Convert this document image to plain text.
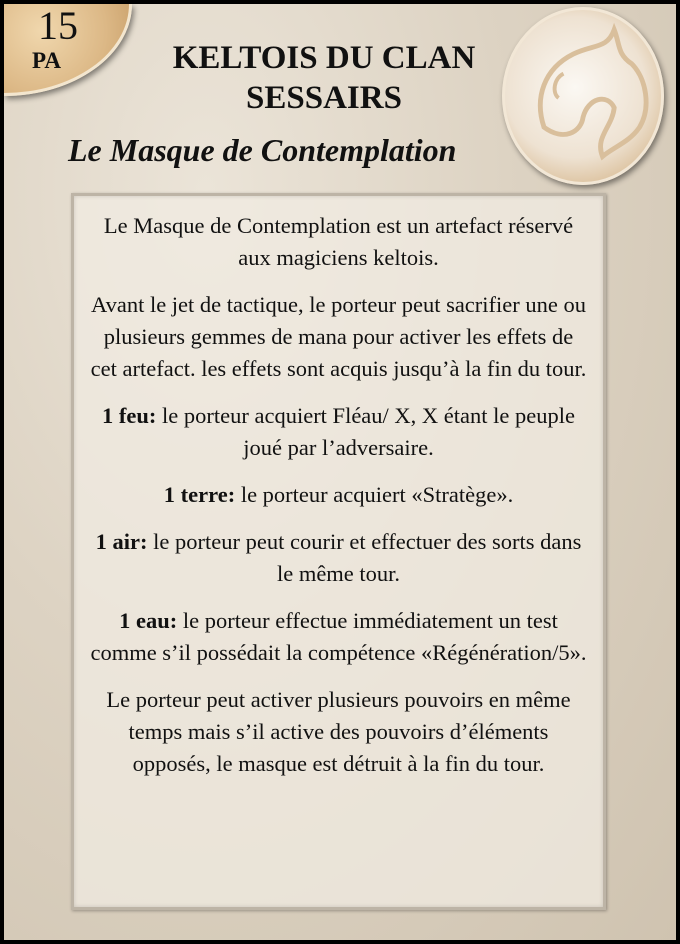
15
PA	KELTOIS DU CLAN
SESSAIRS
Le Masque de Contemplation

Le Masque de Contemplation est un artefact réservé aux magiciens keltois.

Avant le jet de tactique, le porteur peut sacrifier une ou plusieurs gemmes de mana pour activer les effets de cet artefact. les effets sont acquis jusqu’à la fin du tour.

1 feu: le porteur acquiert Fléau/ X, X étant le peuple joué par l’adversaire.

1 terre: le porteur acquiert «Stratège».

1 air: le porteur peut courir et effectuer des sorts dans le même tour.

1 eau: le porteur effectue immédiatement un test comme s’il possédait la compétence «Régénération/5».

Le porteur peut activer plusieurs pouvoirs en même temps mais s’il active des pouvoirs d’éléments opposés, le masque est détruit à la fin du tour.
